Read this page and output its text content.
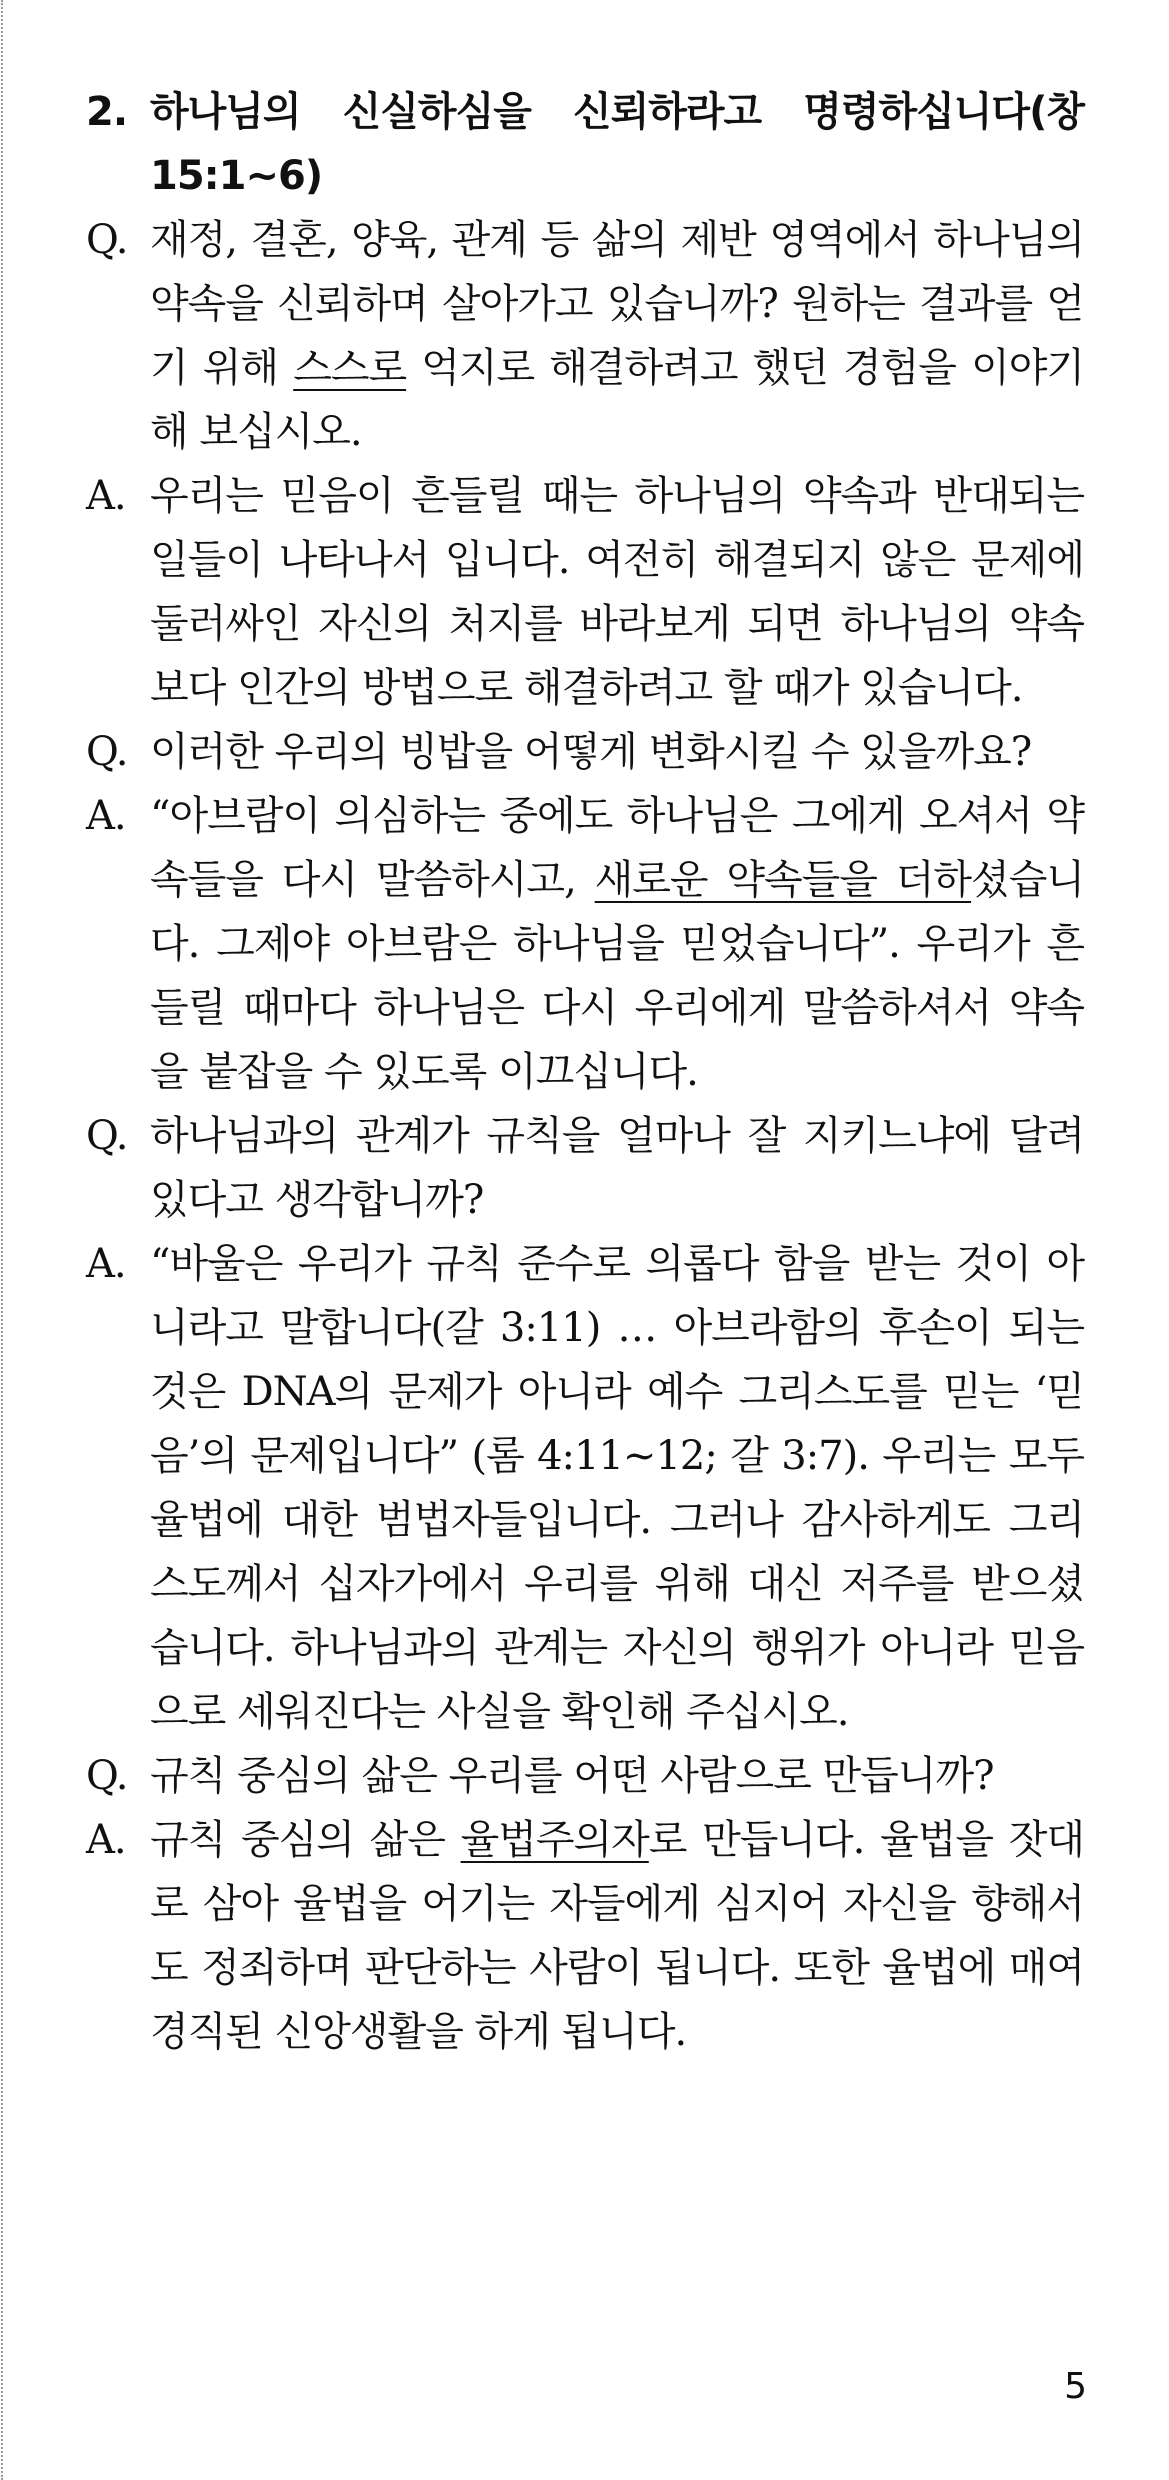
2. 하나님의 신실하심을 신뢰하라고 명령하십니다(창 15:1~6)
Q. 재정, 결혼, 양육, 관계 등 삶의 제반 영역에서 하나님의 약속을 신뢰하며 살아가고 있습니까? 원하는 결과를 얻기 위해 스스로 억지로 해결하려고 했던 경험을 이야기해 보십시오.
A. 우리는 믿음이 흔들릴 때는 하나님의 약속과 반대되는 일들이 나타나서 입니다. 여전히 해결되지 않은 문제에 둘러싸인 자신의 처지를 바라보게 되면 하나님의 약속보다 인간의 방법으로 해결하려고 할 때가 있습니다.
Q. 이러한 우리의 빙밥을 어떻게 변화시킬 수 있을까요?
A. “아브람이 의심하는 중에도 하나님은 그에게 오셔서 약속들을 다시 말씀하시고, 새로운 약속들을 더하셨습니다. 그제야 아브람은 하나님을 믿었습니다”. 우리가 흔들릴 때마다 하나님은 다시 우리에게 말씀하셔서 약속을 붙잡을 수 있도록 이끄십니다.
Q. 하나님과의 관계가 규칙을 얼마나 잘 지키느냐에 달려 있다고 생각합니까?
A. “바울은 우리가 규칙 준수로 의롭다 함을 받는 것이 아니라고 말합니다(갈 3:11) … 아브라함의 후손이 되는 것은 DNA의 문제가 아니라 예수 그리스도를 믿는 ‘믿음’의 문제입니다” (롬 4:11~12; 갈 3:7). 우리는 모두 율법에 대한 범법자들입니다. 그러나 감사하게도 그리스도께서 십자가에서 우리를 위해 대신 저주를 받으셨습니다. 하나님과의 관계는 자신의 행위가 아니라 믿음으로 세워진다는 사실을 확인해 주십시오.
Q. 규칙 중심의 삶은 우리를 어떤 사람으로 만듭니까?
A. 규칙 중심의 삶은 율법주의자로 만듭니다. 율법을 잣대로 삼아 율법을 어기는 자들에게 심지어 자신을 향해서도 정죄하며 판단하는 사람이 됩니다. 또한 율법에 매여 경직된 신앙생활을 하게 됩니다.
5
